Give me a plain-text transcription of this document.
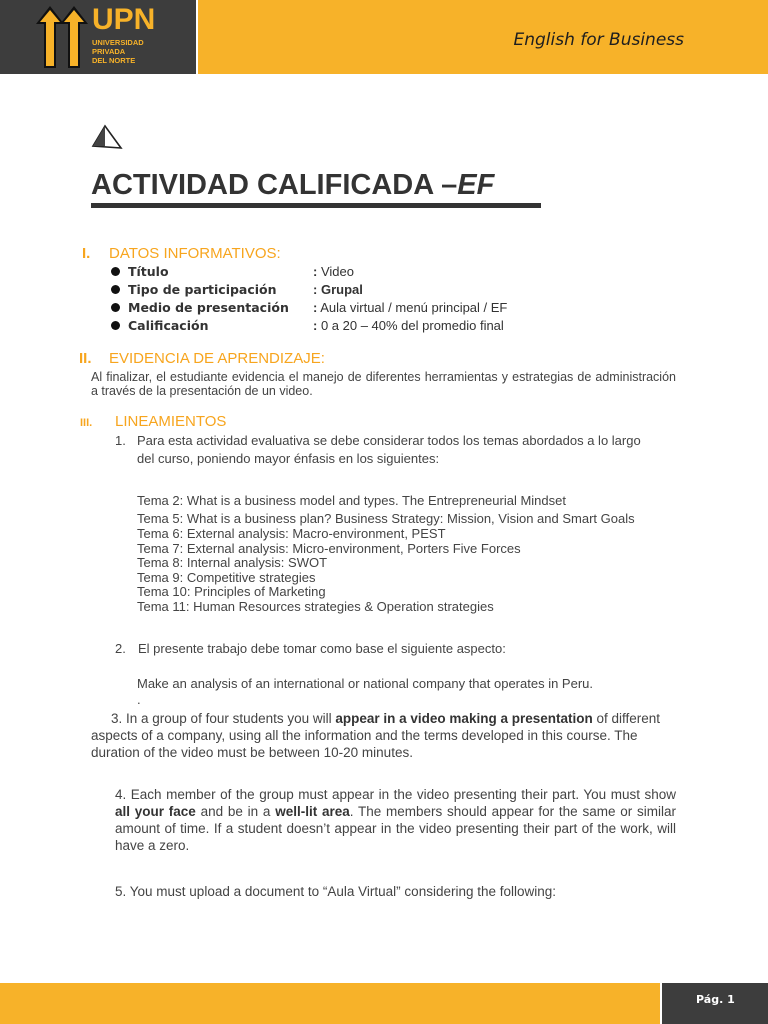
UPN
UNIVERSIDAD
PRIVADA
DEL NORTE
English for Business
ACTIVIDAD CALIFICADA –EF
I. DATOS INFORMATIVOS:
Título	: Video
Tipo de participación	: Grupal
Medio de presentación : Aula virtual / menú principal / EF
Calificación	: 0 a 20 – 40% del promedio final
II. EVIDENCIA DE APRENDIZAJE:
Al finalizar, el estudiante evidencia el manejo de diferentes herramientas y estrategias de administración a través de la presentación de un video.
III. LINEAMIENTOS
1. Para esta actividad evaluativa se debe considerar todos los temas abordados a lo largo
del curso, poniendo mayor énfasis en los siguientes:
Tema 2: What is a business model and types. The Entrepreneurial Mindset
Tema 5: What is a business plan? Business Strategy: Mission, Vision and Smart Goals
Tema 6: External analysis: Macro-environment, PEST
Tema 7: External analysis: Micro-environment, Porters Five Forces
Tema 8: Internal analysis: SWOT
Tema 9: Competitive strategies
Tema 10: Principles of Marketing
Tema 11: Human Resources strategies & Operation strategies
2. El presente trabajo debe tomar como base el siguiente aspecto:
Make an analysis of an international or national company that operates in Peru.
.
3. In a group of four students you will appear in a video making a presentation of different aspects of a company, using all the information and the terms developed in this course. The duration of the video must be between 10-20 minutes.
4. Each member of the group must appear in the video presenting their part. You must show all your face and be in a well-lit area. The members should appear for the same or similar amount of time. If a student doesn’t appear in the video presenting their part of the work, will have a zero.
5. You must upload a document to “Aula Virtual” considering the following:
Pág. 1
